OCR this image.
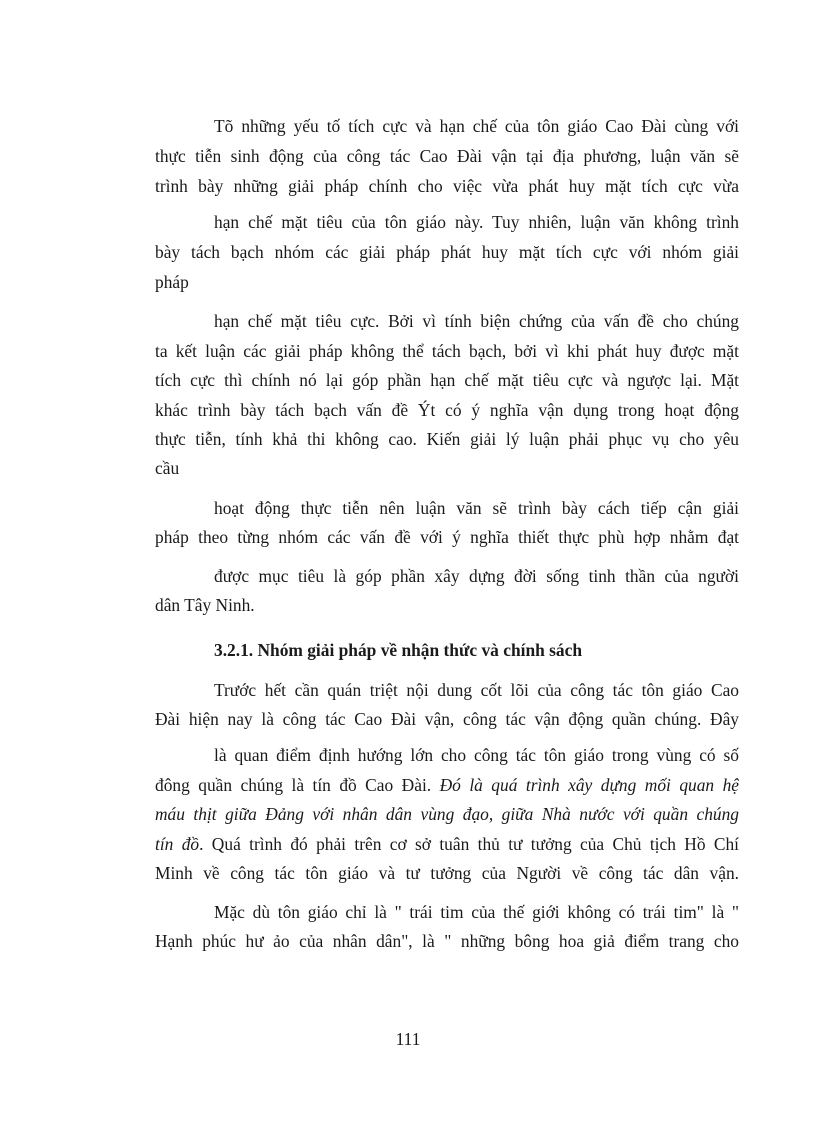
Tõ những yếu tố tích cực và hạn chế của tôn giáo Cao Đài cùng với
thực tiễn sinh động của công tác Cao Đài vận tại địa phương, luận văn sẽ
trình bày những giải pháp chính cho việc vừa phát huy mặt tích cực vừa
hạn chế mặt tiêu của tôn giáo này. Tuy nhiên, luận văn không trình
bày tách bạch nhóm các giải pháp phát huy mặt tích cực với nhóm giải
pháp
hạn chế mặt tiêu cực. Bởi vì tính biện chứng của vấn đề cho chúng
ta kết luận các giải pháp không thể tách bạch, bởi vì khi phát huy được mặt
tích cực thì chính nó lại góp phần hạn chế mặt tiêu cực và ngược lại. Mặt
khác trình bày tách bạch vấn đề Ýt có ý nghĩa vận dụng trong hoạt động
thực tiễn, tính khả thi không cao. Kiến giải lý luận phải phục vụ cho yêu
cầu
hoạt động thực tiễn nên luận văn sẽ trình bày cách tiếp cận giải
pháp theo từng nhóm các vấn đề với ý nghĩa thiết thực phù hợp nhằm đạt
được mục tiêu là góp phần xây dựng đời sống tinh thần của người
dân Tây Ninh.
3.2.1. Nhóm giải pháp về nhận thức và chính sách
Trước hết cần quán triệt nội dung cốt lõi của công tác tôn giáo Cao
Đài hiện nay là công tác Cao Đài vận, công tác vận động quần chúng. Đây
là quan điểm định hướng lớn cho công tác tôn giáo trong vùng có số
đông quần chúng là tín đồ Cao Đài. Đó là quá trình xây dựng mối quan hệ
máu thịt giữa Đảng với nhân dân vùng đạo, giữa Nhà nước với quần chúng
tín đồ. Quá trình đó phải trên cơ sở tuân thủ tư tưởng của Chủ tịch Hồ Chí
Minh về công tác tôn giáo và tư tưởng của Người về công tác dân vận.
Mặc dù tôn giáo chỉ là " trái tim của thế giới không có trái tim" là "
Hạnh phúc hư ảo của nhân dân", là " những bông hoa giả điểm trang cho
111
